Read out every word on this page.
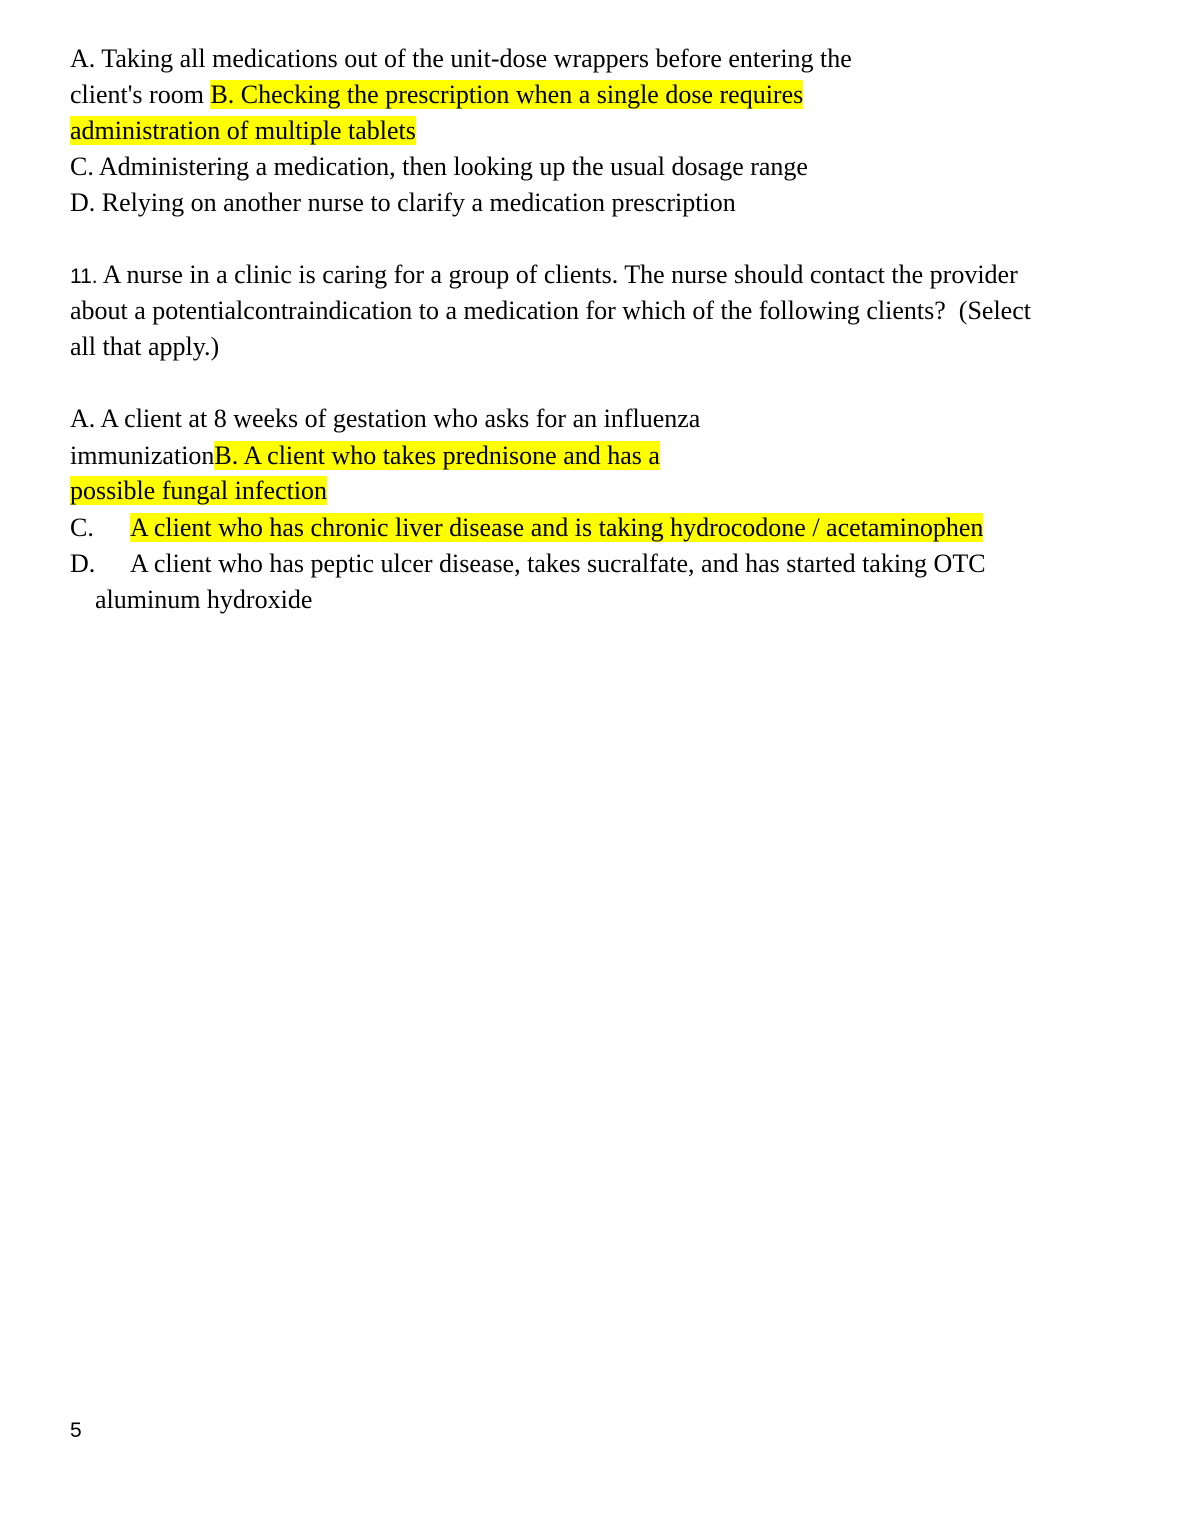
A. Taking all medications out of the unit-dose wrappers before entering the
client's room B. Checking the prescription when a single dose requires
administration of multiple tablets
C. Administering a medication, then looking up the usual dosage range
D. Relying on another nurse to clarify a medication prescription
11. A nurse in a clinic is caring for a group of clients. The nurse should contact the provider
about a potentialcontraindication to a medication for which of the following clients?  (Select
all that apply.)
A. A client at 8 weeks of gestation who asks for an influenza
immunizationB. A client who takes prednisone and has a
possible fungal infection
C. A client who has chronic liver disease and is taking hydrocodone / acetaminophen
D. A client who has peptic ulcer disease, takes sucralfate, and has started taking OTC
aluminum hydroxide
5
